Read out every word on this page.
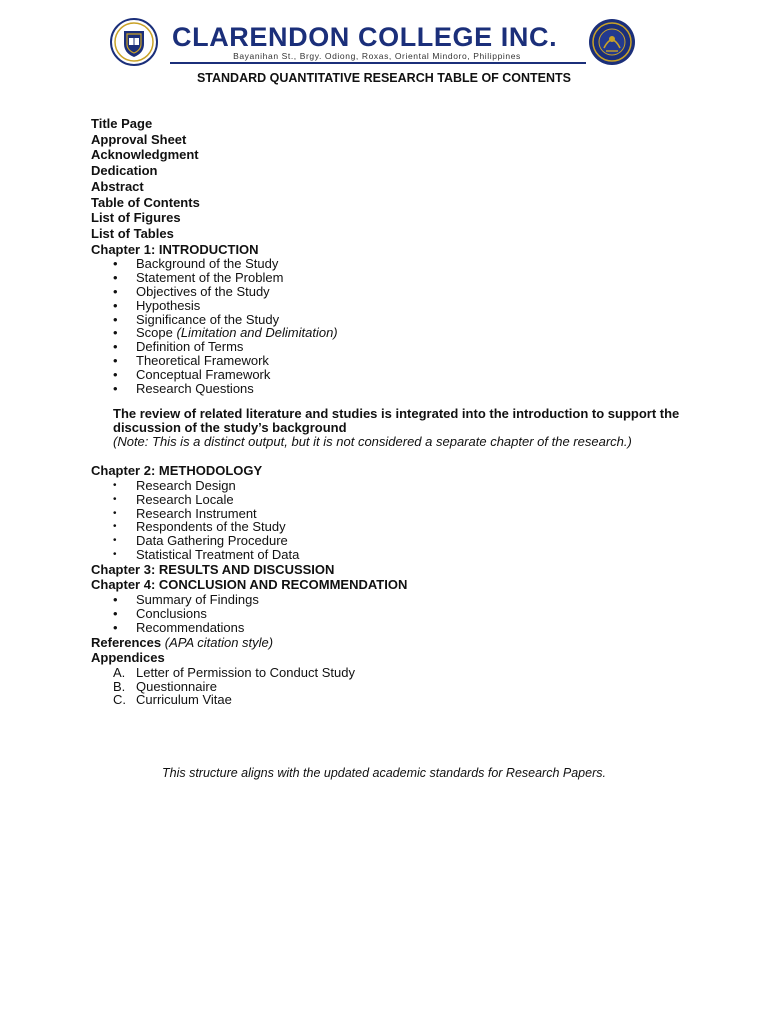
CLARENDON COLLEGE INC.
Bayanihan St., Brgy. Odiong, Roxas, Oriental Mindoro, Philippines
STANDARD QUANTITATIVE RESEARCH TABLE OF CONTENTS
Title Page
Approval Sheet
Acknowledgment
Dedication
Abstract
Table of Contents
List of Figures
List of Tables
Chapter 1: INTRODUCTION
• Background of the Study
• Statement of the Problem
• Objectives of the Study
• Hypothesis
• Significance of the Study
• Scope (Limitation and Delimitation)
• Definition of Terms
• Theoretical Framework
• Conceptual Framework
• Research Questions
The review of related literature and studies is integrated into the introduction to support the discussion of the study’s background
(Note: This is a distinct output, but it is not considered a separate chapter of the research.)
Chapter 2: METHODOLOGY
• Research Design
• Research Locale
• Research Instrument
• Respondents of the Study
• Data Gathering Procedure
• Statistical Treatment of Data
Chapter 3: RESULTS AND DISCUSSION
Chapter 4: CONCLUSION AND RECOMMENDATION
• Summary of Findings
• Conclusions
• Recommendations
References (APA citation style)
Appendices
A. Letter of Permission to Conduct Study
B. Questionnaire
C. Curriculum Vitae
This structure aligns with the updated academic standards for Research Papers.
